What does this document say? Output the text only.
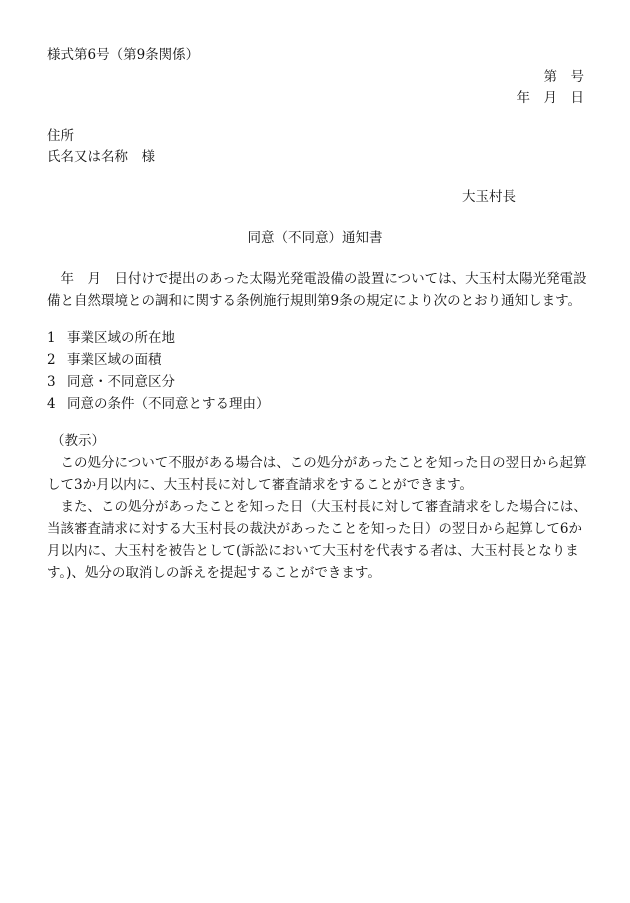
様式第6号（第9条関係）
第　号
年　月　日
住所
氏名又は名称　様
大玉村長
同意（不同意）通知書
年　月　日付けで提出のあった太陽光発電設備の設置については、大玉村太陽光発電設備と自然環境との調和に関する条例施行規則第9条の規定により次のとおり通知します。
1 事業区域の所在地
2 事業区域の面積
3 同意・不同意区分
4 同意の条件（不同意とする理由）
（教示）

この処分について不服がある場合は、この処分があったことを知った日の翌日から起算して3か月以内に、大玉村長に対して審査請求をすることができます。

また、この処分があったことを知った日（大玉村長に対して審査請求をした場合には、当該審査請求に対する大玉村長の裁決があったことを知った日）の翌日から起算して6か月以内に、大玉村を被告として(訴訟において大玉村を代表する者は、大玉村長となります。)、処分の取消しの訴えを提起することができます。
